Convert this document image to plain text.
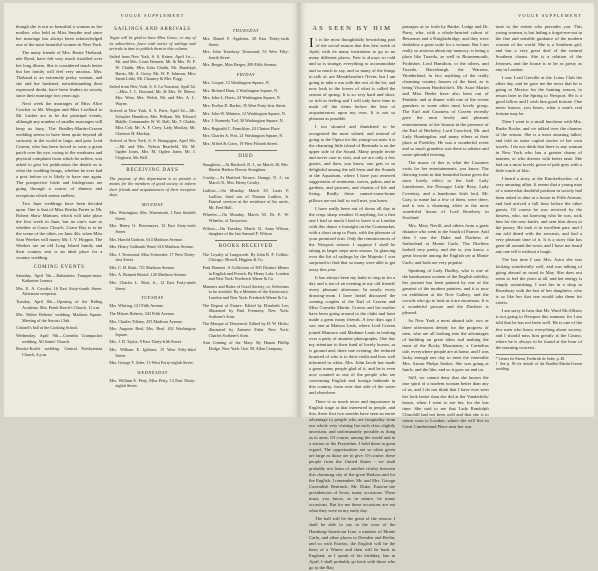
VOGUE SUPPLEMENT

though she is not so beautiful a woman as her mother, who held as Miss Smythe and since her marriage has always been acknowledged one of the most beautiful women in New York.

The many friends of Mrs. Bertie Thebaud, née Rynd, have felt very much troubled over her long illness. She is considered much better but her family will feel very anxious. Mrs. Thebaud is an extremely pretty woman, and she and her husband, notwithstanding their expressed doubt, have been leaders in society since their marriage two years ago.

Next week the marriages of Miss Alice Crocker to Mr. Morgan and Miss Lorillard to Mr. Luther are to be the principal events, although any number of smaller marriages will keep us busy. The Bradley-Martin-Craven wedding seems to have been quite beyond all curiosity in the world at large, and poor Lord Craven, who has been forced to wear a green patch over his eye, owing to the weakness and physical complaint from which he suffers, was asked to give for publication the details as to what the wedding brings, whether he ever had a post before or is likely to have one again. The prospective bride and bridegroom are going through a course of dinners and receptions which seems endless.

Two June weddings have been decided upon. One is that of Miss Bertha Porter to Mr. Robert Shaw Minturn, which will take place the first week in June, but no one's sure as whether at Grace Church. Grace Bay is to be the scene of the other, on June 4th, when Miss Sara Weekes will marry Mr. J. V. Hoppin. The Weekes are an old Long Island family and their country seat is an ideal place for a country wedding.

COMING EVENTS
Saturday, April 5th.—Rubinstein Trumpet-mass. Katharine Lennox.
Mrs. E. A. Cowdin, 16 East Sixty-fourth Street. Afternoon reception.
Tuesday, April 8th.—Opening of the Riding Academy. Mrs. Frank Keech's Church, 11 a.m.
Mrs. Walter Roberts' wedding. Madison Square. Meeting of the Sorosis Club.
Colonel's ball at the Cooking School.
Wednesday, April 9th.—Cornelia Crumpacker wedding. All Saints' Church.
Brooks-Koehl wedding. Central Presbyterian Church, 4 p.m.
SAILINGS AND ARRIVALS

Vogue will be glad to have Miss Grace, or any of its subscribers, favor with notice of sailings and arrivals in time to publish them in this column.

Sailed from New York, S. S. Kaiser, April 1st.—Mr. and Mrs. Louis Bennett, Mr. & Mrs. W. F. W. Chubb, Miss Julia Chubb, Mr. Randolph Harris, Mr. A. Gerry, Mr. W. P. Johnson, Miss Sarah Little, Mr. Chauncy & Mrs. Fogg.
Sailed from New York, S. S. La Touraine, April 3d.—Miss J. C. Bowand, Mr. & Mrs. W. Masse, Mrs. Wear, Mrs. Welsh, Mr. and Mrs. A. L. Wayne.
Arrived at New York, S. S. Paris, April 3d.—Mr. Schuyler Hamilton, Mrs. Pelham, Mr. Edward Biddle, Commander W. W. Hall, Mr. T. Chubb, Miss Colt, Mr. A. F. Cirey, Lady Mackay, Mr. Clarence H. Mackay.
Arrived at New York, S. S. Bourgogne, April 5th.—Mr. and Mrs. Nelson Bearfield, Mr. M. Ogden Jones, Mrs. M. Ogden Jones, Mr. J. Cleghorn, Mr. Bell.
RECEIVING DAYS

The purpose of this department is to provide a means for the members of good society to inform their friends and acquaintances of their reception days.

MONDAY
Mrs. Warrington, Mrs. Wurmsrath, 1 East Sixtieth Street.
Mrs. Henry O. Havemeyer, 12 East Sixty-sixth Street.
Mrs. Harold Godwin, 614 Madison Avenue.
Mrs. Henry Galbraith Ward, 616 Madison Avenue.
Mrs. J. Townsend, Miss Schroeder, 17 West Thirty-first Street.
Mrs. C. H. Ruitt, 721 Madison Avenue.
Mrs. A. Bennett Bristol, 120 Madison Avenue.
Mrs. Charles L. Mott, Jr., 12 East Forty-ninth Street.
TUESDAY
Mrs. Whiting, 121 Fifth Avenue.
The Misses Roberts, 343 Fifth Avenue.
Mrs. Charles Tiffany, 255 Madison Avenue.
Mrs. Auguste Beal, Mrs. Beal, 102 Washington Square.
Mrs. J. D. Taylor, 9 East Thirty-fifth Street.
Mrs. William E. Iglehart, 15 West Fifty-third Street.
Mrs. George T. Adee, 13 West Forty-eighth Street.
WEDNESDAY
Mrs. William E. Petty, Miss Petty, 13 East Thirty-eighth Street.
THURSDAY
Mrs. Daniel F. Appleton, 28 East Thirty-sixth Street.
Mrs. John Treadway Townsend, 53 West Fifty-fourth Street.
Mrs. Berger, Miss Berger, 289 Fifth Avenue.
FRIDAY
Mrs. Cooper, 12 Washington Square, N.
Mrs. Richard Hunt, 2 Washington Square, N.
Mrs. John L. Davis, 24 Washington Square, N.
Mrs. Evelyn D. Barker, 35 West Forty-first Street.
Mrs. John W. Minturn, 12 Washington Square, N.
Mrs. J. Kennedy Tod, 30 Washington Square, N.
Mrs. Reginald C. Francklyn, 24 Clinton Place.
Mrs. Charles A. Post, 21 Washington Square, N.
Mrs. Alfred & Cotes, 19 West Fiftieth Street.
DIED
Stoughton.—At Hartford, N. J., on March 30, Mrs. Harriet Harlow Dewey Stoughton.
Crosby.—At Hartford Terrace, Orange, N. J., on March 31, Mrs. Henry Crosby.
Ludlow.—On Monday, March 29, Louis P. Ludlow, third son of Thomas Ludlow, Jr. Funeral services at the residence of his uncle, Mr. Fred Hall.
Wheeler.—On Monday, March 30, Dr. E. W. Wheeler, of Tarrytown.
Wilson.—On Tuesday, March 31, Anna Wilson, daughter of the late Samuel F. Wilson.
BOOKS RECEIVED
The Loyalty of Langworth. By John R. F. Collins. Chicago: Morrill, Higgins & Co.
Paul Dimeret. A Collection of 300 Distinct Menus in English and French. By Henry Lake. London and New York: Frederick Warne & Co.
Manners and Rules of Good Society, or, Solecisms to be avoided. By a Member of the Aristocracy. London and New York: Frederick Warne & Co.
The Repeat of France. Edited by Elizabeth Lee; illustrated by Paul Frenzeny. New York: Scribner's Sons.
The Masque of Dorsenval. Edited by H. W. Hicks; illustrated by Antonio Fabri. New York: Charles Scribner's Sons.
Ann Coming of the Mary. By Hanan Phillip Dodge. New York: Geo. M. Allen Company.
VOGUE SUPPLEMENT
AS SEEN BY HIM

It is the most thoughtfully bewitching part of the social season that this first week of April, with its many invitations to go to no many different places. Fate is always so cold and so is strange, everything to accommodate and so much to say, and so many of the things to talk of, are Mendelssohn's Nevin, but I am going to take a run with the rest of the lot, and now look to the lovers of what is called the season of spring. It is so very hard and short, so rich in feeling and I will only have time to mark off the items before the best of acquaintances upon my own. It is not so pleasant as possible.

I too sloured and thundered to be recognized the most valued, and instead of going to the Opera for the young-cut seats it is the charming little island of Bermuda is on the upper side of the Sound. Many people invite and never care to visit, and we are only a few guests, and then, you know, one gets to so delightful among the tall ferns and the Sounds at the Aquarium, where I have just renewed suggestions of sentiment, waves, palms, and in gardens, and pictures, and charms of life and living. Really those cannot-come-home pillows are not half so well met, you know.

I have really been out of doors all day in the crisp, sharp weather. If anything, for a first one I had so much I had to leave it at London with this dance a fortnight on the Cornmarket, with a short strap to Paris, with the pleasure of your promised visit. Only the reminiscences of the Newport season. I suppose I shall be taking in larger steps next season. In glancing over the list of sailings by the Majestic I was surprised to find that so many were able to get away this year.

It has always been my habit to stop in for a day and a tea of an evening at my old friends' every pleasant afternoon. In nearly every drawing-room I have heard discussed the coming couples of the Earl of Craven and Miss Cornelia Martin. Craven and his mother have been going around to the clubs and have made a great many friends. A few days ago I saw one at Maison Leuk, where Lord Craven joined Mansuce and Madame Louis in looking over a party of amateur photographs. One day my attention to their fund of lovely horses, as is ground and, there one evening, the reduced honored of who is to their credit and how well informed in whist. Mrs. John Jacob has made a great many people glad of it, and he is even now counted as one of the people who are concerning English and foreign habitude in this country, from over that side of the water and elsewhere.

There is so much news and importance in English stage at that interested in people, and this, these first two months have seen an entire advantage to people who are hospitality from our whole very visiting list each class slightly uncertain, and unfortunately possible as thing as to aims. Of course, among the world and in a station to the Prayerline, I hold them in great regard. The opportunities are so often given are large as those are to give. Of course, these people from the United States - we shall probably not learn of another rivalry between this charming city of the great Hudson and for the English. I remember, Mr. and Mrs. George Cavendish Bentinck, Mr. Duke, Eastern-site presidencies of Scots, many occasions. There must, you know, as in nature, be many occasions. But for me these occasions are not what they were in my early day.

The ball will be the great of the season. I shall be able to say in the wise of the Hamburg-American Line, a number of Monte Carlo, and other places to Dresden and Berlin, and so with Fairfax, the English will be the beau of a Winter and then will be back in England, as I speak of his birthday, late in April. I shall probably go back with those who go to the Bay.

passages as so forth by Ranke, Lodge and Dr. Parry, who, with a whole-hearted cohort of Bessemer and a Knightsbridge, and they were doubtless a great scale for a woman. But I am really so anxious about my memory, is being a place like Tuxedo, as well to Bournemouth, Frobisher, Lord Hamilton, or the others, and Tuxedo, Harrisburgh, the Warrens, Wonderland, in fact anything of the really charming country houses of the kind, as is being Viscount Hardwicke's. Mr. Astor Martin and Miss Beeke have also been out of Fendale, and at dinner with one of the recent grandees or some other most lovely group. The Earl and Countess of Craven recently gave the most lovely and pleasant entertainment of the Season in the presence of the Earl of Berkeley, Lord Crawford, Mr. and Lady Huntingdon, and many others at their place at Freekley. He was a wonderful event and so much grandeur was there to admire and some splendid evening.

The music of this is what the Countess visits for her entertainments, you know. The drawing-room in that beautiful house gives the most lovely effect to the ball. Lady Lansdowne, the Dowager Lady Reay, Lady Coventry, and a handsome Irish lord, Mr. Gray, to name but a few of them, were there, and it was a charming affair at the most wonderful house of Lord Rosebery in Scotland.

Mrs. Mary Nevill, and others from a great distance who went to the South of France. And then I saw the Duke and Duchess of Sutherland at Monte Carlo. The Duchess looked very pretty, and she is, you know, a great favorite among the English set at Monte Carlo, and both are very popular.

Speaking of Lady Dudley, who is one of the handsomest women of the English nobility, her portrait has been painted by one of the greatest of the modern painters, and it is now on exhibition at the New Gallery, and the crowds who go to look at it are enormous. It is a wonderful picture and the Duchess is pleased.

So New York a most absurd tale, two or three afternoons deeply for the progress of men, who are all looking into the advantages of building on great lakes and making the most of the Rocky Mountains; a Cornelius tale, everywhere people are at home, and I was lucky enough one day to meet the venerable Mrs. Anson Phelps Stokes. She was going at lunch, and the like, and so it goes on and on.

Still, we cannot deny that she knows the true spirit of a modern woman better than any of us, and I do not think that I have ever seen her look better than she did at the Vanderbilts' house, when I went to see her, for the last time. She said to me that Lady Randolph Churchill had not been well and that she is to return soon to London, where she will live in Great Cumberland Place near her son.

taste to the extent who pervades you. This young woman, is but hiding a forget-me-not in the fine and sensible guidance of the modern women of the world. She is a Southern girl, and has a very great deal of the natural Southern charm. She is a relation of the Jeromes, and the house is to be as pretty as any in London.

I saw Lord Greville at the Lotus Club the other day, and he gave me the news that he is going to Mexico for the hunting season, to return later in the Spring to Newport. He is a good fellow and I wish him good fortune. One never knows, you know, what a man's real fortune may be.

Then I went to a small luncheon with Mrs. Burke Roche, and we talked over the chances of the season. She is a most amusing talker, and told us some capital stories of her own travels. I do not think that there is any woman in New York who has a greater charm of manner, or who dresses with better taste. She had on a most lovely gown of pale grey with a little touch of lilac.

I heard a story, at the Knickerbocker, of a very amusing affair. It seems that a young man of a somewhat doubtful position in society had been asked to dine at a house in Fifth Avenue, and had arrived a full hour before the other guests. Of course he was received by the hostess, who, not knowing who he was, took him for the new butler, and sent him down to the pantry. He took it in excellent part, and I am told dined with the servants, and had a very pleasant time of it. It is a story that has gone all around the town, and I have not heard any one tell it without a laugh.

The last time I saw Mrs. Astor she was looking wonderfully well, and was talking of going abroad as usual in May. She does not seem to feel the years at all, and her energy is simply astonishing. I met her in a shop in Broadway with the last of her daughters, who is so like her that one would take them for sisters.

I am sorry to hear that Mr. Ward McAllister is not going to Newport this summer, for I am told that he has not been well. He is one of the few men who know everything about society, and I should miss him greatly at the Casino, where he is always to be found at the hour of the morning concerts.

* Letters for Patent, Frederick de Sales, p. 48.
† See p. 86 for details of the Bradley-Martin-Craven wedding.
